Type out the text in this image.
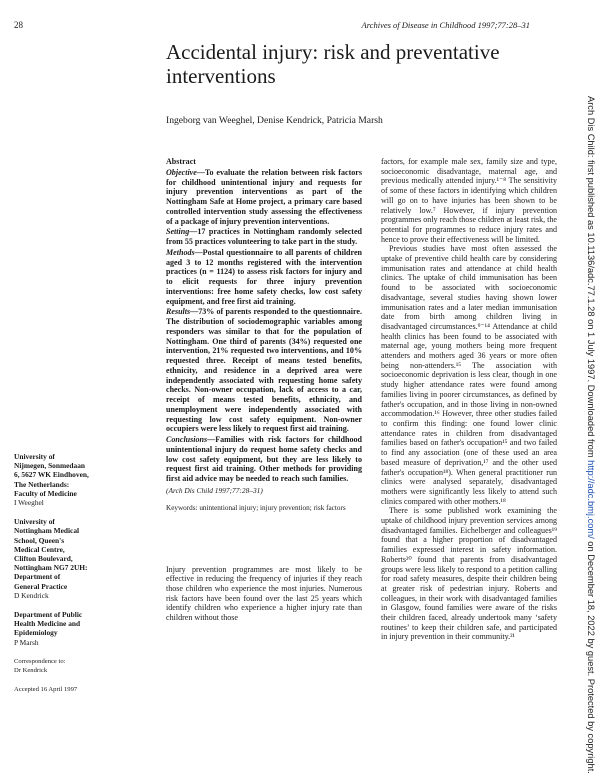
28	Archives of Disease in Childhood 1997;77:28–31
Arch Dis Child: first published as 10.1136/adc.77.1.28 on 1 July 1997. Downloaded from http://adc.bmj.com/ on December 18, 2022 by guest. Protected by copyright.
Accidental injury: risk and preventative interventions
Ingeborg van Weeghel, Denise Kendrick, Patricia Marsh
University of
Nijmegen, Sonmedaan
6, 5627 WK Eindhoven,
The Netherlands:
Faculty of Medicine
I Weeghel
University of
Nottingham Medical
School, Queen's
Medical Centre,
Clifton Boulevard,
Nottingham NG7 2UH:
Department of
General Practice
D Kendrick
Department of Public
Health Medicine and
Epidemiology
P Marsh
Correspondence to:
Dr Kendrick
Accepted 16 April 1997

Abstract

Objective—To evaluate the relation between risk factors for childhood unintentional injury and requests for injury prevention interventions as part of the Nottingham Safe at Home project, a primary care based controlled intervention study assessing the effectiveness of a package of injury prevention interventions.

Setting—17 practices in Nottingham randomly selected from 55 practices volunteering to take part in the study.

Methods—Postal questionnaire to all parents of children aged 3 to 12 months registered with the intervention practices (n = 1124) to assess risk factors for injury and to elicit requests for three injury prevention interventions: free home safety checks, low cost safety equipment, and free first aid training.

Results—73% of parents responded to the questionnaire. The distribution of sociodemographic variables among responders was similar to that for the population of Nottingham. One third of parents (34%) requested one intervention, 21% requested two interventions, and 10% requested three. Receipt of means tested benefits, ethnicity, and residence in a deprived area were independently associated with requesting home safety checks. Non-owner occupation, lack of access to a car, receipt of means tested benefits, ethnicity, and unemployment were independently associated with requesting low cost safety equipment. Non-owner occupiers were less likely to request first aid training.

Conclusions—Families with risk factors for childhood unintentional injury do request home safety checks and low cost safety equipment, but they are less likely to request first aid training. Other methods for providing first aid advice may be needed to reach such families.

(Arch Dis Child 1997;77:28–31)
Keywords: unintentional injury; injury prevention; risk factors

Injury prevention programmes are most likely to be effective in reducing the frequency of injuries if they reach those children who experience the most injuries. Numerous risk factors have been found over the last 25 years which identify children who experience a higher injury rate than children without those

factors, for example male sex, family size and type, socioeconomic disadvantage, maternal age, and previous medically attended injury.¹⁻⁸ The sensitivity of some of these factors in identifying which children will go on to have injuries has been shown to be relatively low.⁷ However, if injury prevention programmes only reach those children at least risk, the potential for programmes to reduce injury rates and hence to prove their effectiveness will be limited.

Previous studies have most often assessed the uptake of preventive child health care by considering immunisation rates and attendance at child health clinics. The uptake of child immunisation has been found to be associated with socioeconomic disadvantage, several studies having shown lower immunisation rates and a later median immunisation date from birth among children living in disadvantaged circumstances.⁹⁻¹⁴ Attendance at child health clinics has been found to be associated with maternal age, young mothers being more frequent attenders and mothers aged 36 years or more often being non-attenders.¹⁵ The association with socioeconomic deprivation is less clear, though in one study higher attendance rates were found among families living in poorer circumstances, as defined by father's occupation, and in those living in non-owned accommodation.¹⁶ However, three other studies failed to confirm this finding: one found lower clinic attendance rates in children from disadvantaged families based on father's occupation¹⁵ and two failed to find any association (one of these used an area based measure of deprivation,¹⁷ and the other used father's occupation¹⁸). When general practitioner run clinics were analysed separately, disadvantaged mothers were significantly less likely to attend such clinics compared with other mothers.¹⁸

There is some published work examining the uptake of childhood injury prevention services among disadvantaged families. Eichelberger and colleagues¹⁹ found that a higher proportion of disadvantaged families expressed interest in safety information. Roberts²⁰ found that parents from disadvantaged groups were less likely to respond to a petition calling for road safety measures, despite their children being at greater risk of pedestrian injury. Roberts and colleagues, in their work with disadvantaged families in Glasgow, found families were aware of the risks their children faced, already undertook many ‘safety routines’ to keep their children safe, and participated in injury prevention in their community.²¹
